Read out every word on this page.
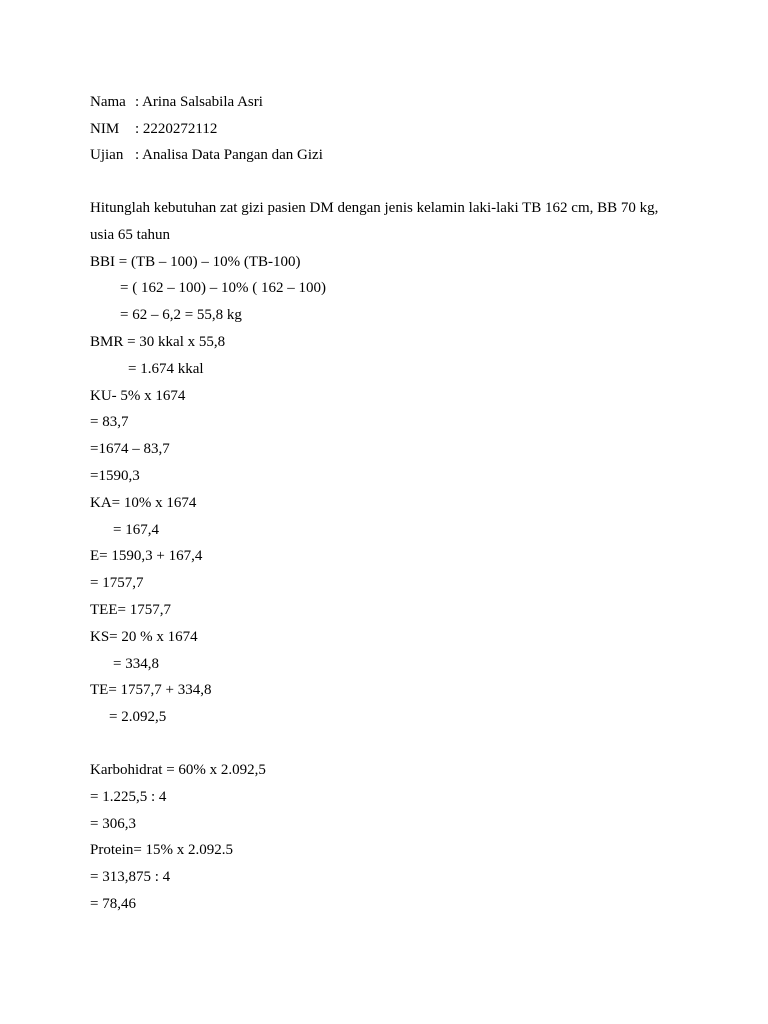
Nama : Arina Salsabila Asri
NIM : 2220272112
Ujian : Analisa Data Pangan dan Gizi
Hitunglah kebutuhan zat gizi pasien DM dengan jenis kelamin laki-laki TB 162 cm, BB 70 kg,
usia 65 tahun
BBI = (TB – 100) – 10% (TB-100)
= ( 162 – 100) – 10% ( 162 – 100)
= 62 – 6,2 = 55,8 kg
BMR = 30 kkal x 55,8
= 1.674 kkal
KU- 5% x 1674
= 83,7
=1674 – 83,7
=1590,3
KA= 10% x 1674
= 167,4
E= 1590,3 + 167,4
= 1757,7
TEE= 1757,7
KS= 20 % x 1674
= 334,8
TE= 1757,7 + 334,8
= 2.092,5
Karbohidrat = 60% x 2.092,5
= 1.225,5 : 4
= 306,3
Protein= 15% x 2.092.5
= 313,875 : 4
= 78,46
